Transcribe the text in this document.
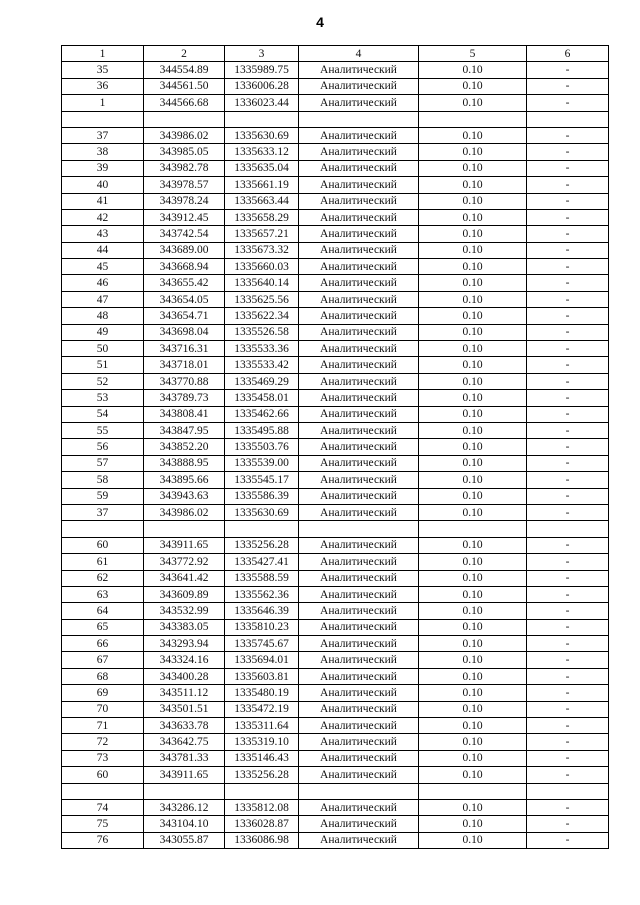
4
1	2	3	4	5	6
35	344554.89	1335989.75	Аналитический	0.10	-
36	344561.50	1336006.28	Аналитический	0.10	-
1	344566.68	1336023.44	Аналитический	0.10	-

37	343986.02	1335630.69	Аналитический	0.10	-
38	343985.05	1335633.12	Аналитический	0.10	-
39	343982.78	1335635.04	Аналитический	0.10	-
40	343978.57	1335661.19	Аналитический	0.10	-
41	343978.24	1335663.44	Аналитический	0.10	-
42	343912.45	1335658.29	Аналитический	0.10	-
43	343742.54	1335657.21	Аналитический	0.10	-
44	343689.00	1335673.32	Аналитический	0.10	-
45	343668.94	1335660.03	Аналитический	0.10	-
46	343655.42	1335640.14	Аналитический	0.10	-
47	343654.05	1335625.56	Аналитический	0.10	-
48	343654.71	1335622.34	Аналитический	0.10	-
49	343698.04	1335526.58	Аналитический	0.10	-
50	343716.31	1335533.36	Аналитический	0.10	-
51	343718.01	1335533.42	Аналитический	0.10	-
52	343770.88	1335469.29	Аналитический	0.10	-
53	343789.73	1335458.01	Аналитический	0.10	-
54	343808.41	1335462.66	Аналитический	0.10	-
55	343847.95	1335495.88	Аналитический	0.10	-
56	343852.20	1335503.76	Аналитический	0.10	-
57	343888.95	1335539.00	Аналитический	0.10	-
58	343895.66	1335545.17	Аналитический	0.10	-
59	343943.63	1335586.39	Аналитический	0.10	-
37	343986.02	1335630.69	Аналитический	0.10	-

60	343911.65	1335256.28	Аналитический	0.10	-
61	343772.92	1335427.41	Аналитический	0.10	-
62	343641.42	1335588.59	Аналитический	0.10	-
63	343609.89	1335562.36	Аналитический	0.10	-
64	343532.99	1335646.39	Аналитический	0.10	-
65	343383.05	1335810.23	Аналитический	0.10	-
66	343293.94	1335745.67	Аналитический	0.10	-
67	343324.16	1335694.01	Аналитический	0.10	-
68	343400.28	1335603.81	Аналитический	0.10	-
69	343511.12	1335480.19	Аналитический	0.10	-
70	343501.51	1335472.19	Аналитический	0.10	-
71	343633.78	1335311.64	Аналитический	0.10	-
72	343642.75	1335319.10	Аналитический	0.10	-
73	343781.33	1335146.43	Аналитический	0.10	-
60	343911.65	1335256.28	Аналитический	0.10	-

74	343286.12	1335812.08	Аналитический	0.10	-
75	343104.10	1336028.87	Аналитический	0.10	-
76	343055.87	1336086.98	Аналитический	0.10	-
